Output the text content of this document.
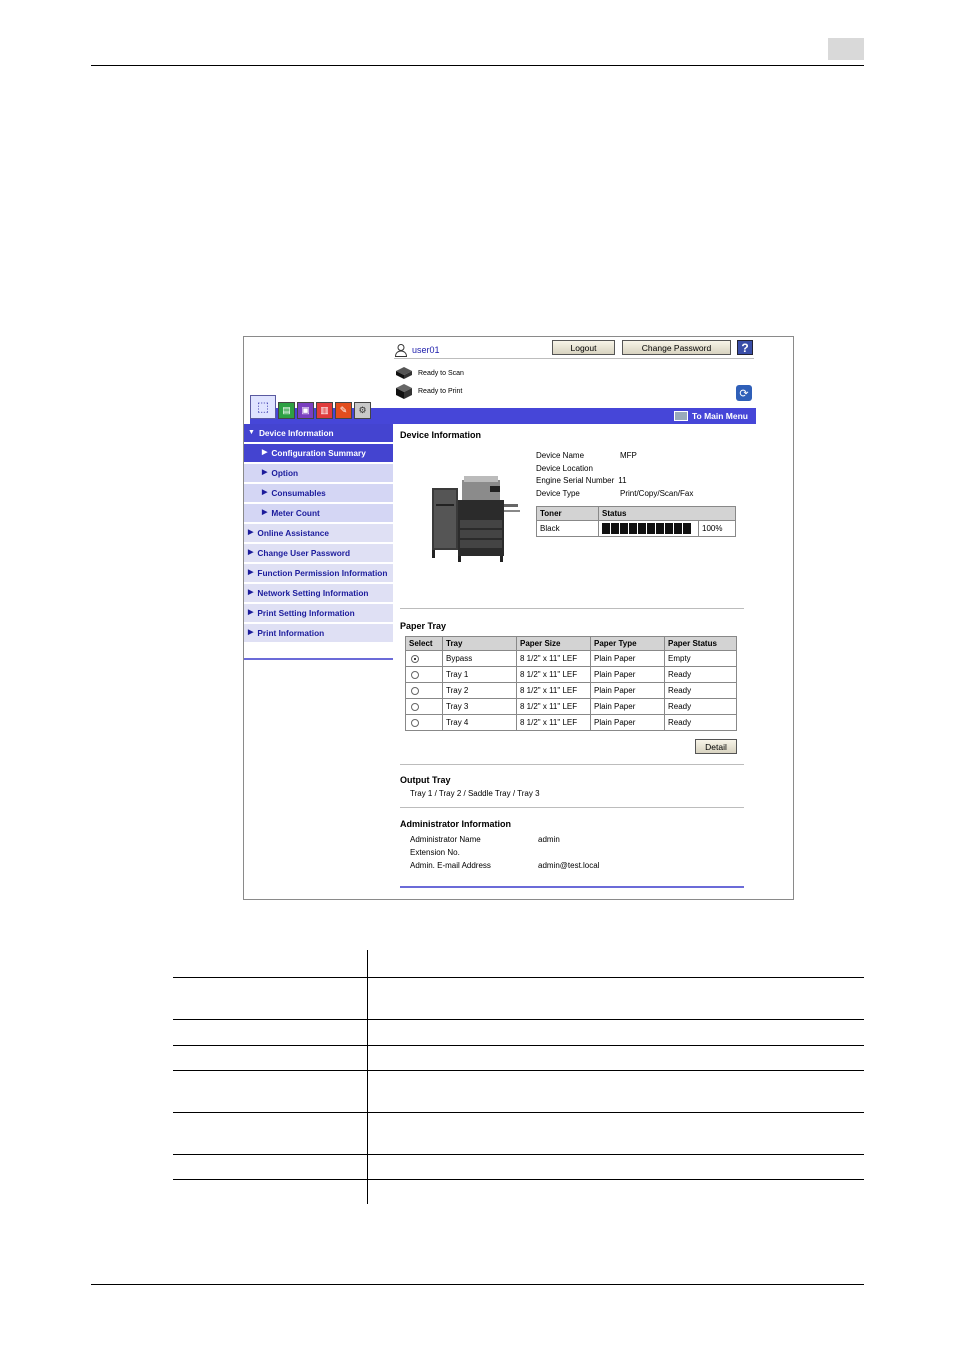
user01	Logout	Change Password	?
Ready to Scan
Ready to Print	⟳
To Main Menu
⬚ ▤ ▣ ▥ ✎ ⚙
▼ Device Information
▶ Configuration Summary
▶ Option
▶ Consumables
▶ Meter Count
▶ Online Assistance
▶ Change User Password
▶ Function Permission Information
▶ Network Setting Information
▶ Print Setting Information
▶ Print Information
Device Information
Device Name	MFP
Device Location
Engine Serial Number 11
Device Type	Print/Copy/Scan/Fax
Toner	Status	
Black		100%
Paper Tray
Select	Tray	Paper Size	Paper Type	Paper Status
	Bypass	8 1/2" x 11" LEF	Plain Paper	Empty
	Tray 1	8 1/2" x 11" LEF	Plain Paper	Ready
	Tray 2	8 1/2" x 11" LEF	Plain Paper	Ready
	Tray 3	8 1/2" x 11" LEF	Plain Paper	Ready
	Tray 4	8 1/2" x 11" LEF	Plain Paper	Ready
Detail
Output Tray
Tray 1 / Tray 2 / Saddle Tray / Tray 3
Administrator Information
Administrator Name	admin
Extension No.
Admin. E-mail Address	admin@test.local
